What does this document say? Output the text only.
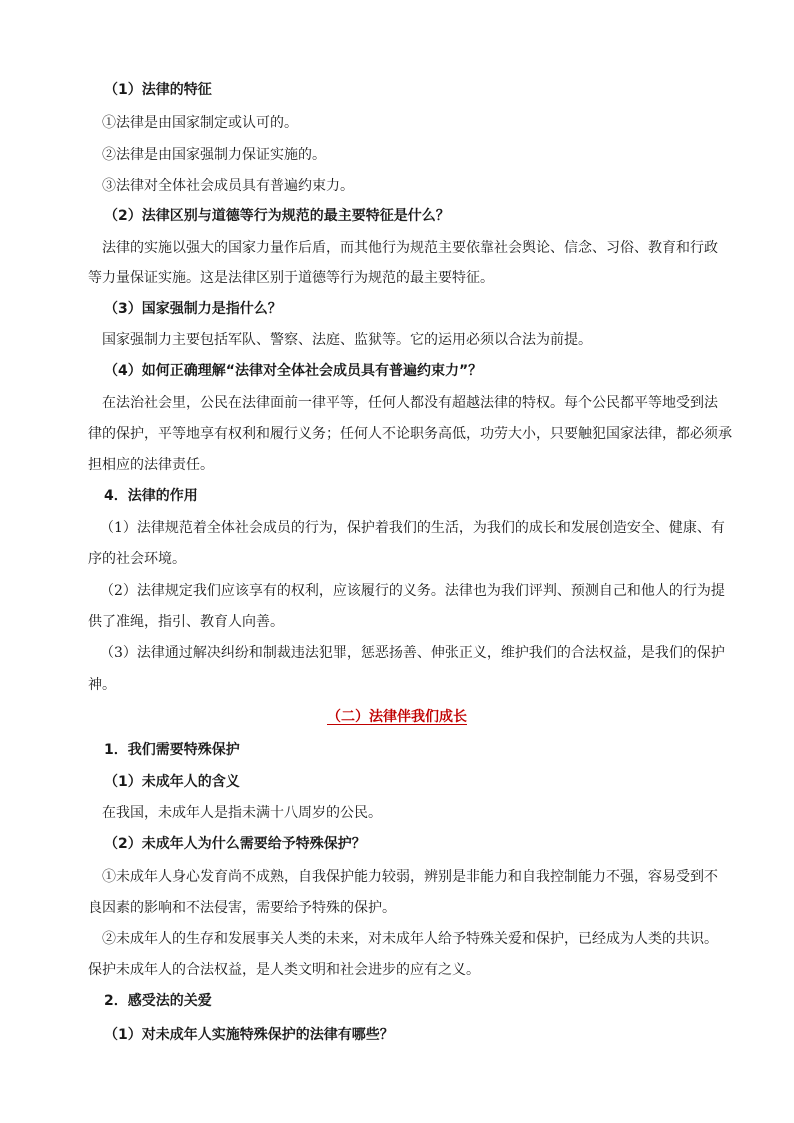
（1）法律的特征
①法律是由国家制定或认可的。
②法律是由国家强制力保证实施的。
③法律对全体社会成员具有普遍约束力。
（2）法律区别与道德等行为规范的最主要特征是什么？
法律的实施以强大的国家力量作后盾，而其他行为规范主要依靠社会舆论、信念、习俗、教育和行政
等力量保证实施。这是法律区别于道德等行为规范的最主要特征。
（3）国家强制力是指什么？
国家强制力主要包括军队、警察、法庭、监狱等。它的运用必须以合法为前提。
（4）如何正确理解“法律对全体社会成员具有普遍约束力”？
在法治社会里，公民在法律面前一律平等，任何人都没有超越法律的特权。每个公民都平等地受到法
律的保护，平等地享有权利和履行义务；任何人不论职务高低，功劳大小，只要触犯国家法律，都必须承
担相应的法律责任。
4．法律的作用
（1）法律规范着全体社会成员的行为，保护着我们的生活，为我们的成长和发展创造安全、健康、有
序的社会环境。
（2）法律规定我们应该享有的权利，应该履行的义务。法律也为我们评判、预测自己和他人的行为提
供了准绳，指引、教育人向善。
（3）法律通过解决纠纷和制裁违法犯罪，惩恶扬善、伸张正义，维护我们的合法权益，是我们的保护
神。
（二）法律伴我们成长
1．我们需要特殊保护
（1）未成年人的含义
在我国，未成年人是指未满十八周岁的公民。
（2）未成年人为什么需要给予特殊保护？
①未成年人身心发育尚不成熟，自我保护能力较弱，辨别是非能力和自我控制能力不强，容易受到不
良因素的影响和不法侵害，需要给予特殊的保护。
②未成年人的生存和发展事关人类的未来，对未成年人给予特殊关爱和保护，已经成为人类的共识。
保护未成年人的合法权益，是人类文明和社会进步的应有之义。
2．感受法的关爱
（1）对未成年人实施特殊保护的法律有哪些？
